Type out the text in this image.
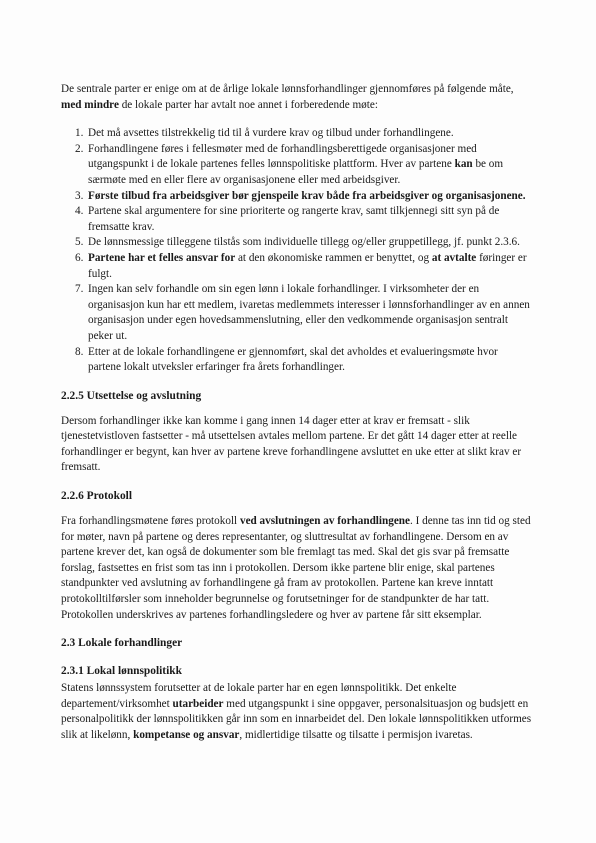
De sentrale parter er enige om at de årlige lokale lønnsforhandlinger gjennomføres på følgende måte, med mindre de lokale parter har avtalt noe annet i forberedende møte:

1. Det må avsettes tilstrekkelig tid til å vurdere krav og tilbud under forhandlingene.
2. Forhandlingene føres i fellesmøter med de forhandlingsberettigede organisasjoner med utgangspunkt i de lokale partenes felles lønnspolitiske plattform. Hver av partene kan be om særmøte med en eller flere av organisasjonene eller med arbeidsgiver.
3. Første tilbud fra arbeidsgiver bør gjenspeile krav både fra arbeidsgiver og organisasjonene.
4. Partene skal argumentere for sine prioriterte og rangerte krav, samt tilkjennegi sitt syn på de fremsatte krav.
5. De lønnsmessige tilleggene tilstås som individuelle tillegg og/eller gruppetillegg, jf. punkt 2.3.6.
6. Partene har et felles ansvar for at den økonomiske rammen er benyttet, og at avtalte føringer er fulgt.
7. Ingen kan selv forhandle om sin egen lønn i lokale forhandlinger. I virksomheter der en organisasjon kun har ett medlem, ivaretas medlemmets interesser i lønnsforhandlinger av en annen organisasjon under egen hovedsammenslutning, eller den vedkommende organisasjon sentralt peker ut.
8. Etter at de lokale forhandlingene er gjennomført, skal det avholdes et evalueringsmøte hvor partene lokalt utveksler erfaringer fra årets forhandlinger.
2.2.5 Utsettelse og avslutning

Dersom forhandlinger ikke kan komme i gang innen 14 dager etter at krav er fremsatt - slik tjenestetvistloven fastsetter - må utsettelsen avtales mellom partene. Er det gått 14 dager etter at reelle forhandlinger er begynt, kan hver av partene kreve forhandlingene avsluttet en uke etter at slikt krav er fremsatt.

2.2.6 Protokoll

Fra forhandlingsmøtene føres protokoll ved avslutningen av forhandlingene. I denne tas inn tid og sted for møter, navn på partene og deres representanter, og sluttresultat av forhandlingene. Dersom en av partene krever det, kan også de dokumenter som ble fremlagt tas med. Skal det gis svar på fremsatte forslag, fastsettes en frist som tas inn i protokollen. Dersom ikke partene blir enige, skal partenes standpunkter ved avslutning av forhandlingene gå fram av protokollen. Partene kan kreve inntatt protokolltilførsler som inneholder begrunnelse og forutsetninger for de standpunkter de har tatt. Protokollen underskrives av partenes forhandlingsledere og hver av partene får sitt eksemplar.

2.3 Lokale forhandlinger
2.3.1 Lokal lønnspolitikk

Statens lønnssystem forutsetter at de lokale parter har en egen lønnspolitikk. Det enkelte departement/virksomhet utarbeider med utgangspunkt i sine oppgaver, personalsituasjon og budsjett en personalpolitikk der lønnspolitikken går inn som en innarbeidet del. Den lokale lønnspolitikken utformes slik at likelønn, kompetanse og ansvar, midlertidige tilsatte og tilsatte i permisjon ivaretas.
